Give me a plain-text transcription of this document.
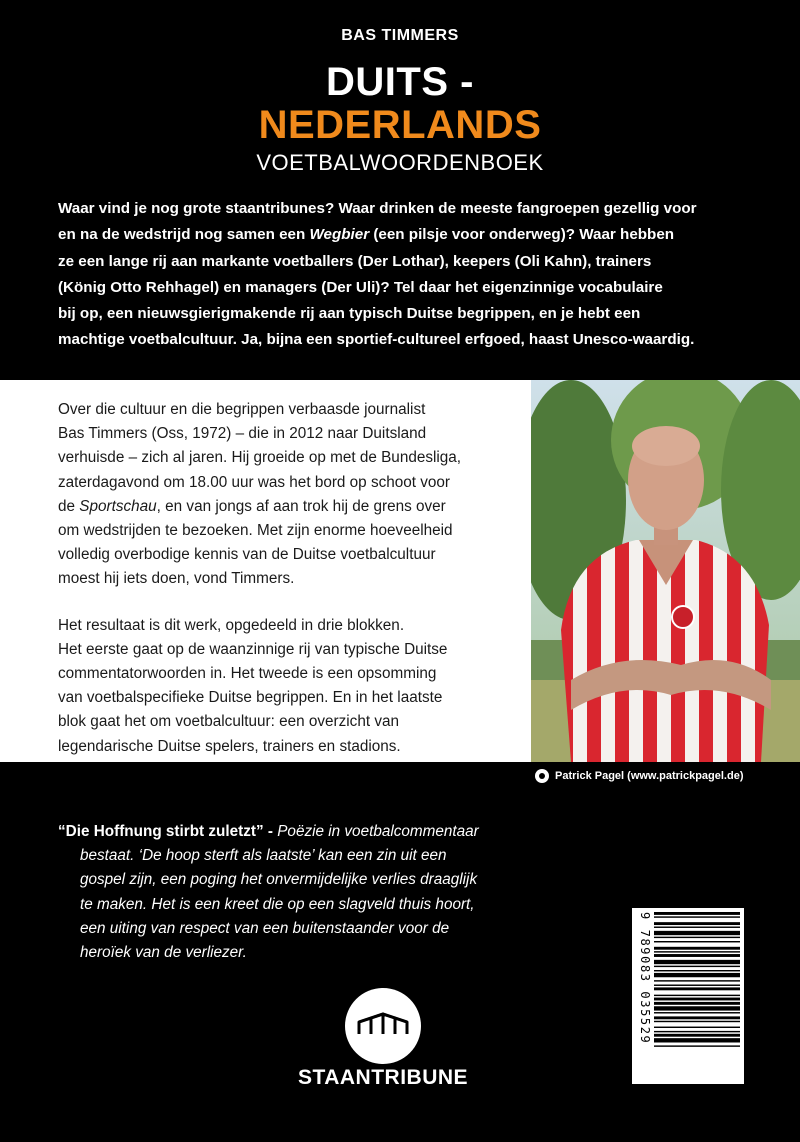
BAS TIMMERS
DUITS -
NEDERLANDS
VOETBALWOORDENBOEK

Waar vind je nog grote staantribunes? Waar drinken de meeste fangroepen gezellig voor
en na de wedstrijd nog samen een Wegbier (een pilsje voor onderweg)? Waar hebben
ze een lange rij aan markante voetballers (Der Lothar), keepers (Oli Kahn), trainers
(König Otto Rehhagel) en managers (Der Uli)? Tel daar het eigenzinnige vocabulaire
bij op, een nieuwsgierigmakende rij aan typisch Duitse begrippen, en je hebt een
machtige voetbalcultuur. Ja, bijna een sportief-cultureel erfgoed, haast Unesco-waardig.

Over die cultuur en die begrippen verbaasde journalist
Bas Timmers (Oss, 1972) – die in 2012 naar Duitsland
verhuisde – zich al jaren. Hij groeide op met de Bundesliga,
zaterdagavond om 18.00 uur was het bord op schoot voor
de Sportschau, en van jongs af aan trok hij de grens over
om wedstrijden te bezoeken. Met zijn enorme hoeveelheid
volledig overbodige kennis van de Duitse voetbalcultuur
moest hij iets doen, vond Timmers.
Het resultaat is dit werk, opgedeeld in drie blokken.
Het eerste gaat op de waanzinnige rij van typische Duitse
commentatorwoorden in. Het tweede is een opsomming
van voetbalspecifieke Duitse begrippen. En in het laatste
blok gaat het om voetbalcultuur: een overzicht van
legendarische Duitse spelers, trainers en stadions.
Patrick Pagel (www.patrickpagel.de)
“Die Hoffnung stirbt zuletzt” - Poëzie in voetbalcommentaar
bestaat. ‘De hoop sterft als laatste’ kan een zin uit een
gospel zijn, een poging het onvermijdelijke verlies draaglijk
te maken. Het is een kreet die op een slagveld thuis hoort,
een uiting van respect van een buitenstaander voor de
heroïek van de verliezer.
STAANTRIBUNE
9 789083 035529
